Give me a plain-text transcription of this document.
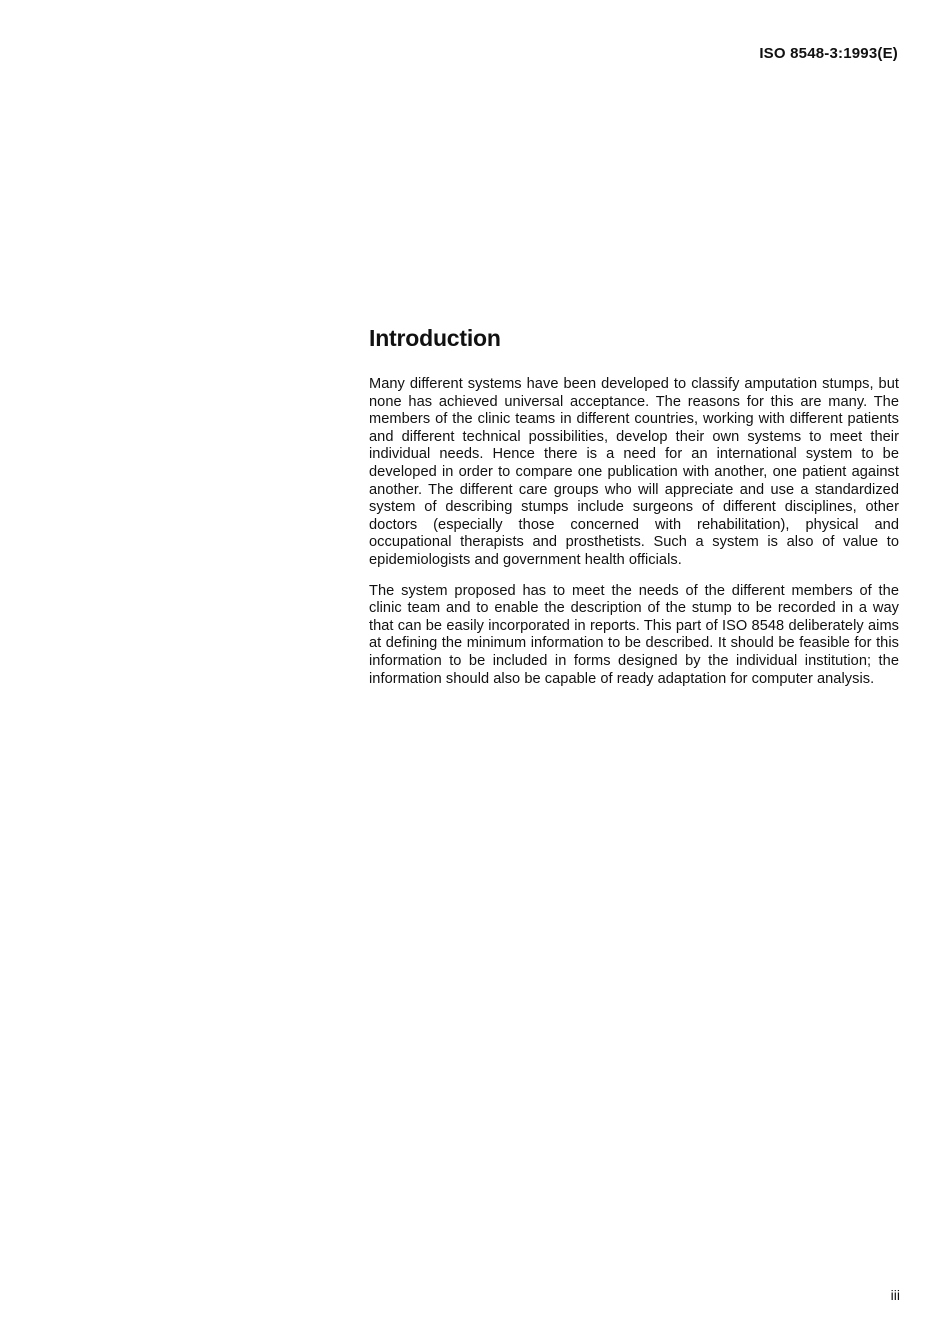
ISO 8548-3:1993(E)

Introduction

Many different systems have been developed to classify amputation stumps, but none has achieved universal acceptance. The reasons for this are many. The members of the clinic teams in different countries, working with different patients and different technical possibilities, develop their own systems to meet their individual needs. Hence there is a need for an international system to be developed in order to compare one publication with another, one patient against another. The different care groups who will appreciate and use a standardized system of describing stumps include surgeons of different disciplines, other doctors (especially those concerned with rehabilitation), physical and occupational therapists and prosthetists. Such a system is also of value to epidemiologists and government health officials.

The system proposed has to meet the needs of the different members of the clinic team and to enable the description of the stump to be recorded in a way that can be easily incorporated in reports. This part of ISO 8548 deliberately aims at defining the minimum information to be described. It should be feasible for this information to be included in forms designed by the individual institution; the information should also be capable of ready adaptation for computer analysis.

iii
